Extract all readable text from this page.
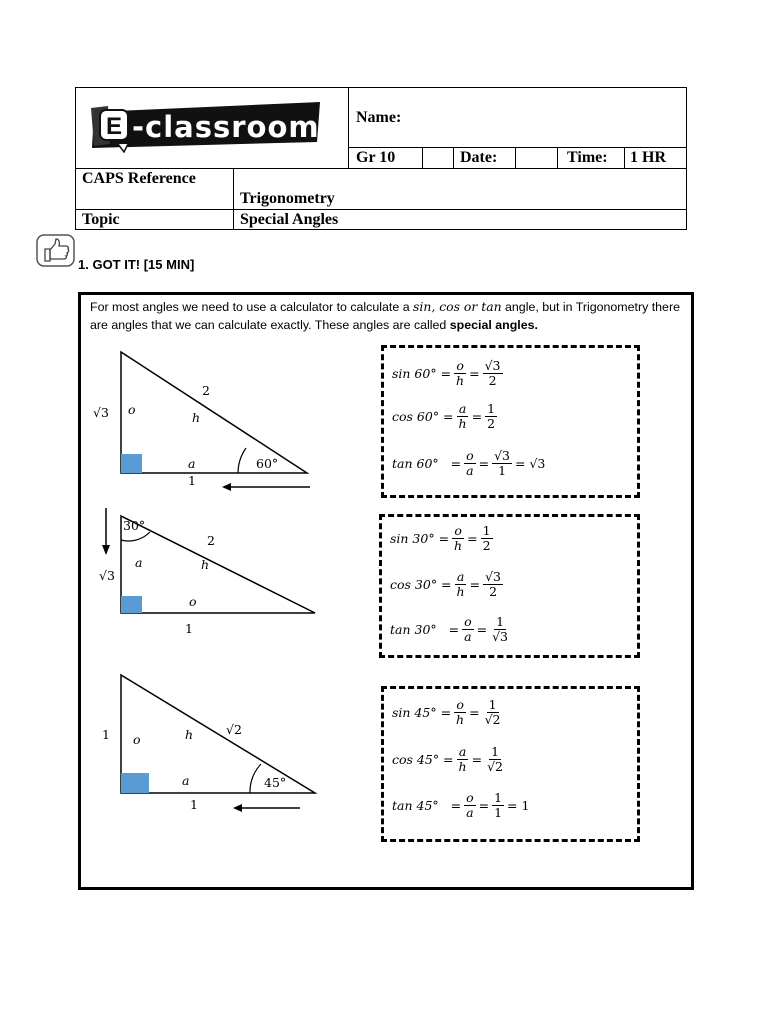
E -classroom Name:
Gr 10	Date:	Time: 1 HR
CAPS Reference
Trigonometry
Topic	Special Angles
1. GOT IT! [15 MIN]
For most angles we need to use a calculator to calculate a sin, cos or tan angle, but in Trigonometry there are angles that we can calculate exactly. These angles are called special angles.
2
√3 o
h
a	60°
1
30°
2
a	h
√3
o
1
√2
1 o	h
a	45°
1
$\sin 60^\circ = \frac{o}{h} = \frac{√3}{2}$
$\cos 60^\circ = \frac{a}{h} = \frac{1}{2}$
$\tan 60^\circ = \frac{o}{a} = \frac{√3}{1} = √3$
$\sin 30^\circ = \frac{o}{h} = \frac{1}{2}$
$\cos 30^\circ = \frac{a}{h} = \frac{√3}{2}$
$\tan 30^\circ = \frac{o}{a} = \frac{1}{√3}$
$\sin 45^\circ = \frac{o}{h} = \frac{1}{√2}$
$\cos 45^\circ = \frac{a}{h} = \frac{1}{√2}$
$\tan 45^\circ = \frac{o}{a} = \frac{1}{1} = 1$
